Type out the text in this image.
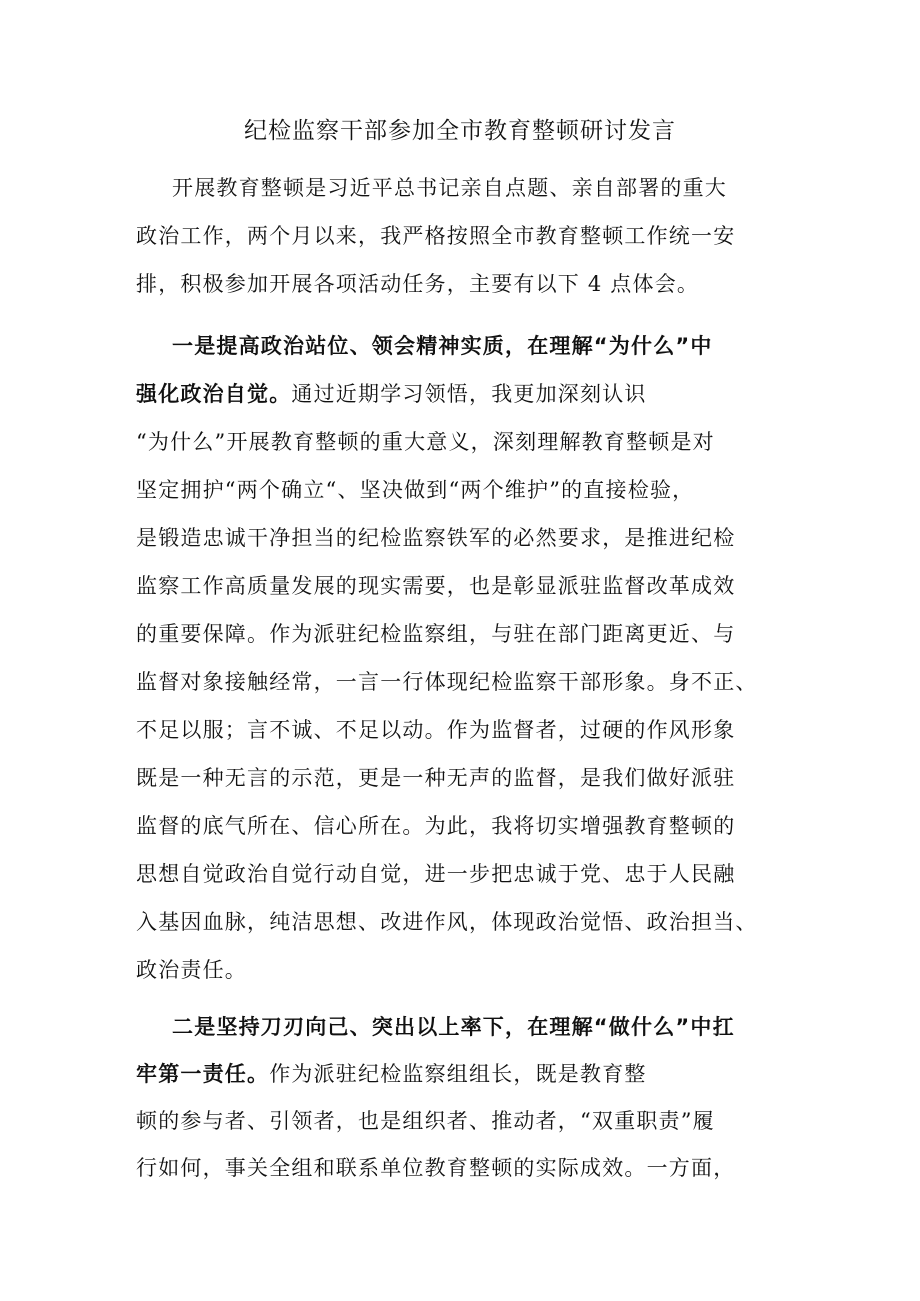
纪检监察干部参加全市教育整顿研讨发言

开展教育整顿是习近平总书记亲自点题、亲自部署的重大

政治工作，两个月以来，我严格按照全市教育整顿工作统一安

排，积极参加开展各项活动任务，主要有以下 4 点体会。

一是提高政治站位、领会精神实质，在理解“为什么”中

强化政治自觉。通过近期学习领悟，我更加深刻认识

“为什么”开展教育整顿的重大意义，深刻理解教育整顿是对

坚定拥护“两个确立“、坚决做到“两个维护”的直接检验，

是锻造忠诚干净担当的纪检监察铁军的必然要求，是推进纪检

监察工作高质量发展的现实需要，也是彰显派驻监督改革成效

的重要保障。作为派驻纪检监察组，与驻在部门距离更近、与

监督对象接触经常，一言一行体现纪检监察干部形象。身不正、

不足以服；言不诚、不足以动。作为监督者，过硬的作风形象

既是一种无言的示范，更是一种无声的监督，是我们做好派驻

监督的底气所在、信心所在。为此，我将切实增强教育整顿的

思想自觉政治自觉行动自觉，进一步把忠诚于党、忠于人民融

入基因血脉，纯洁思想、改进作风，体现政治觉悟、政治担当、

政治责任。

二是坚持刀刃向己、突出以上率下，在理解“做什么”中扛

牢第一责任。作为派驻纪检监察组组长，既是教育整

顿的参与者、引领者，也是组织者、推动者，“双重职责”履

行如何，事关全组和联系单位教育整顿的实际成效。一方面，
